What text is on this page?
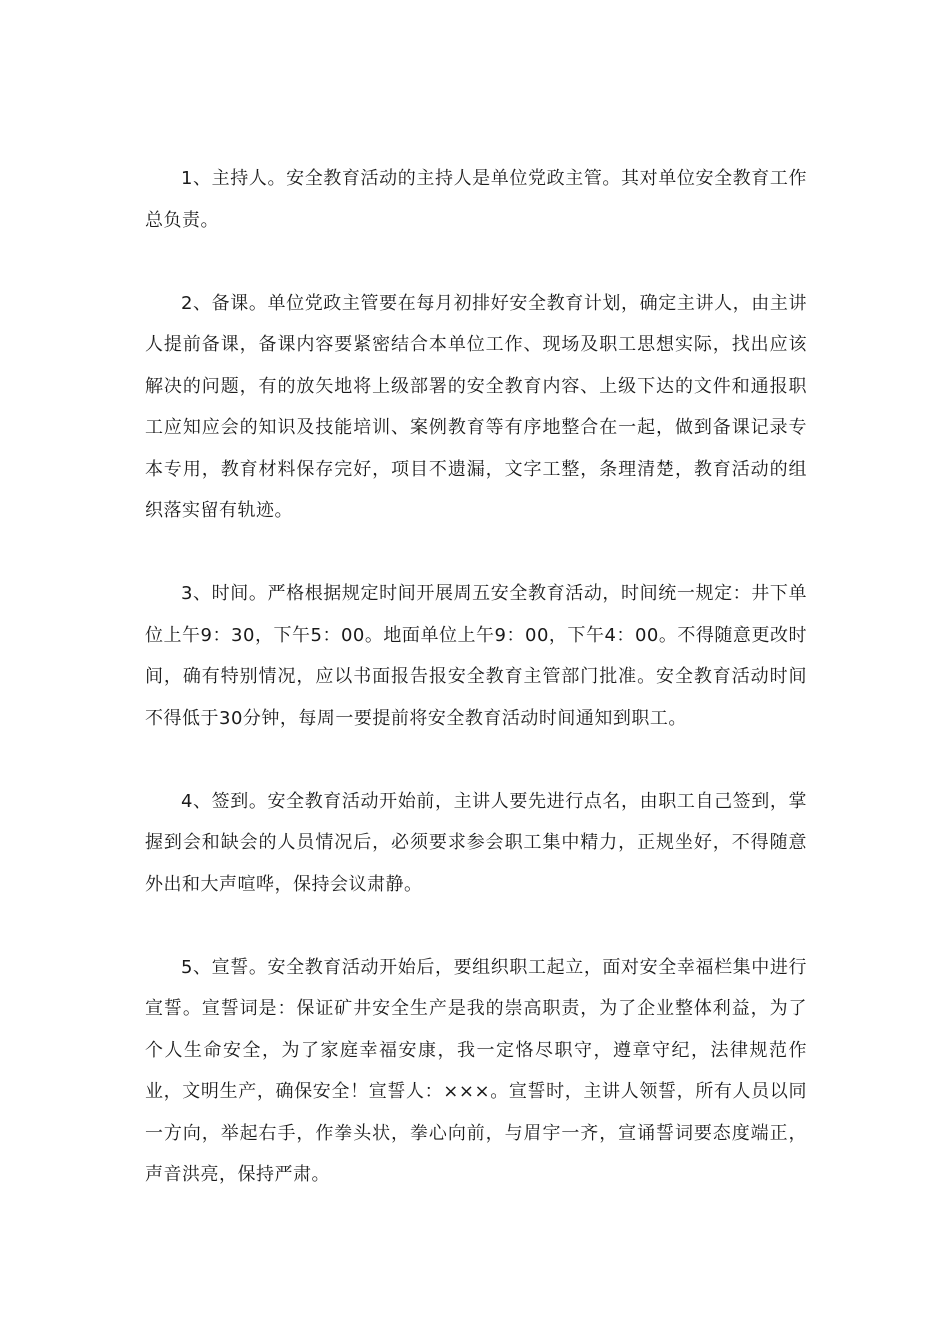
1、主持人。安全教育活动的主持人是单位党政主管。其对单位安全教育工作总负责。

2、备课。单位党政主管要在每月初排好安全教育计划，确定主讲人，由主讲人提前备课，备课内容要紧密结合本单位工作、现场及职工思想实际，找出应该解决的问题，有的放矢地将上级部署的安全教育内容、上级下达的文件和通报职工应知应会的知识及技能培训、案例教育等有序地整合在一起，做到备课记录专本专用，教育材料保存完好，项目不遗漏，文字工整，条理清楚，教育活动的组织落实留有轨迹。

3、时间。严格根据规定时间开展周五安全教育活动，时间统一规定：井下单位上午9：30，下午5：00。地面单位上午9：00，下午4：00。不得随意更改时间，确有特别情况，应以书面报告报安全教育主管部门批准。安全教育活动时间不得低于30分钟，每周一要提前将安全教育活动时间通知到职工。

4、签到。安全教育活动开始前，主讲人要先进行点名，由职工自己签到，掌握到会和缺会的人员情况后，必须要求参会职工集中精力，正规坐好，不得随意外出和大声喧哗，保持会议肃静。

5、宣誓。安全教育活动开始后，要组织职工起立，面对安全幸福栏集中进行宣誓。宣誓词是：保证矿井安全生产是我的崇高职责，为了企业整体利益，为了个人生命安全，为了家庭幸福安康，我一定恪尽职守，遵章守纪，法律规范作业，文明生产，确保安全！宣誓人：×××。宣誓时，主讲人领誓，所有人员以同一方向，举起右手，作拳头状，拳心向前，与眉宇一齐，宣诵誓词要态度端正，声音洪亮，保持严肃。
